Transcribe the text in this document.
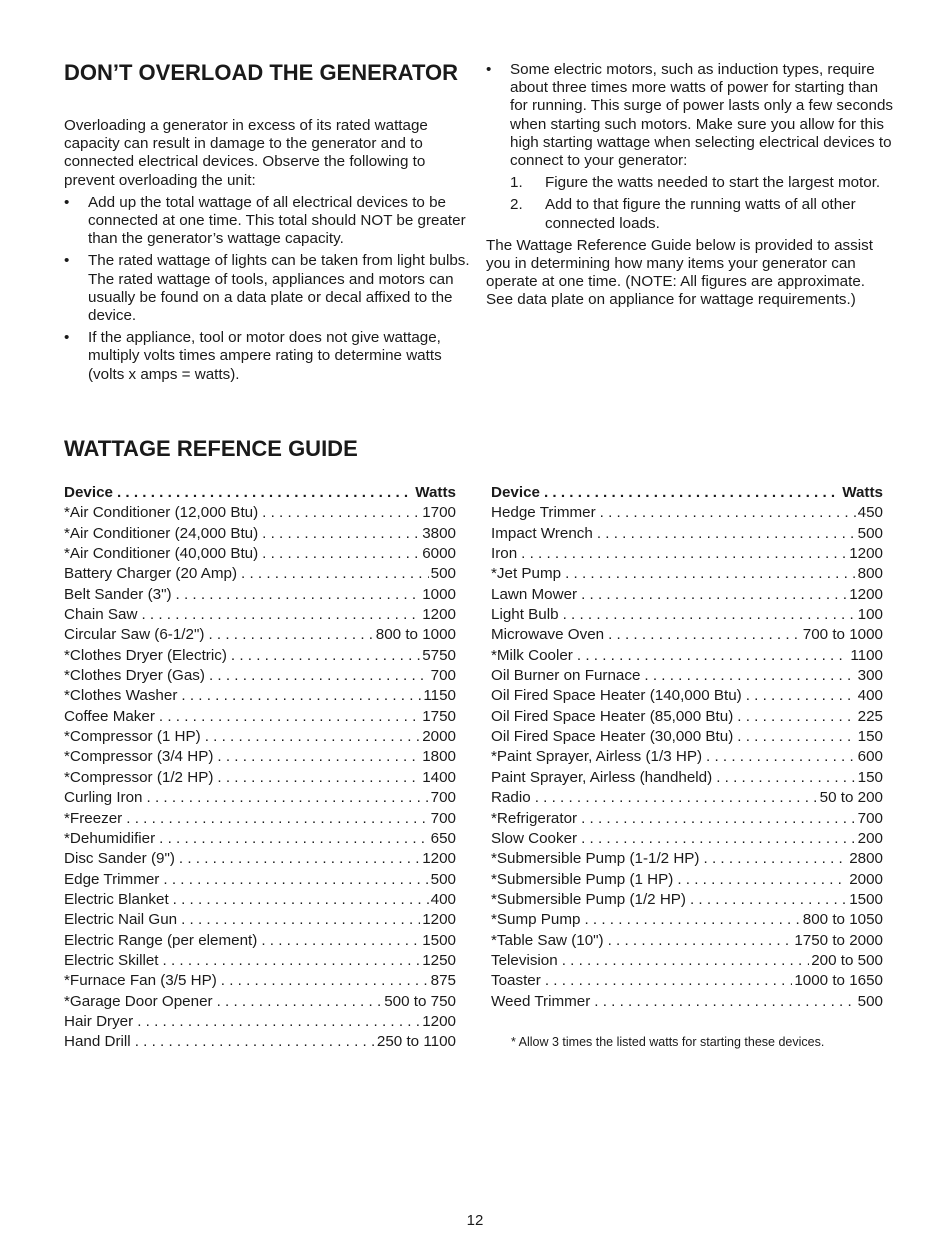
DON’T OVERLOAD THE GENERATOR

Overloading a generator in excess of its rated wattage capacity can result in damage to the generator and to connected electrical devices. Observe the following to prevent overloading the unit:

•	Add up the total wattage of all electrical devices to be connected at one time. This total should NOT be greater than the generator’s wattage capacity.
•	The rated wattage of lights can be taken from light bulbs. The rated wattage of tools, appliances and motors can usually be found on a data plate or decal affixed to the device.
•	If the appliance, tool or motor does not give wattage, multiply volts times ampere rating to determine watts (volts x amps = watts).
•	Some electric motors, such as induction types, require about three times more watts of power for starting than for running. This surge of power lasts only a few seconds when starting such motors. Make sure you allow for this high starting wattage when selecting electrical devices to connect to your generator:
1. Figure the watts needed to start the largest motor.
2. Add to that figure the running watts of all other connected loads.

The Wattage Reference Guide below is provided to assist you in determining how many items your generator can operate at one time. (NOTE: All figures are approximate. See data plate on appliance for wattage requirements.)

WATTAGE REFENCE GUIDE
Device . . .	Watts
*Air Conditioner (12,000 Btu) . . .	1700
*Air Conditioner (24,000 Btu) . . .	3800
*Air Conditioner (40,000 Btu) . . .	6000
Battery Charger (20 Amp) . . .	500
Belt Sander (3") . . .	1000
Chain Saw . . .	1200
Circular Saw (6-1/2") . . .	800 to 1000
*Clothes Dryer (Electric) . . .	5750
*Clothes Dryer (Gas) . . .	700
*Clothes Washer . . .	1150
Coffee Maker . . .	1750
*Compressor (1 HP) . . .	2000
*Compressor (3/4 HP) . . .	1800
*Compressor (1/2 HP) . . .	1400
Curling Iron . . .	700
*Freezer . . .	700
*Dehumidifier . . .	650
Disc Sander (9") . . .	1200
Edge Trimmer . . .	500
Electric Blanket . . .	400
Electric Nail Gun . . .	1200
Electric Range (per element) . . .	1500
Electric Skillet . . .	1250
*Furnace Fan (3/5 HP) . . .	875
*Garage Door Opener . . .	500 to 750
Hair Dryer . . .	1200
Hand Drill . . .	250 to 1100
Device . . .	Watts
Hedge Trimmer . . .	450
Impact Wrench . . .	500
Iron . . .	1200
*Jet Pump . . .	800
Lawn Mower . . .	1200
Light Bulb . . .	100
Microwave Oven . . .	700 to 1000
*Milk Cooler . . .	1100
Oil Burner on Furnace . . .	300
Oil Fired Space Heater (140,000 Btu) . . .	400
Oil Fired Space Heater (85,000 Btu) . . .	225
Oil Fired Space Heater (30,000 Btu) . . .	150
*Paint Sprayer, Airless (1/3 HP) . . .	600
Paint Sprayer, Airless (handheld) . . .	150
Radio . . .	50 to 200
*Refrigerator . . .	700
Slow Cooker . . .	200
*Submersible Pump (1-1/2 HP) . . .	2800
*Submersible Pump (1 HP) . . .	2000
*Submersible Pump (1/2 HP) . . .	1500
*Sump Pump . . .	800 to 1050
*Table Saw (10") . . .	1750 to 2000
Television . . .	200 to 500
Toaster . . .	1000 to 1650
Weed Trimmer . . .	500
* Allow 3 times the listed watts for starting these devices.
12
